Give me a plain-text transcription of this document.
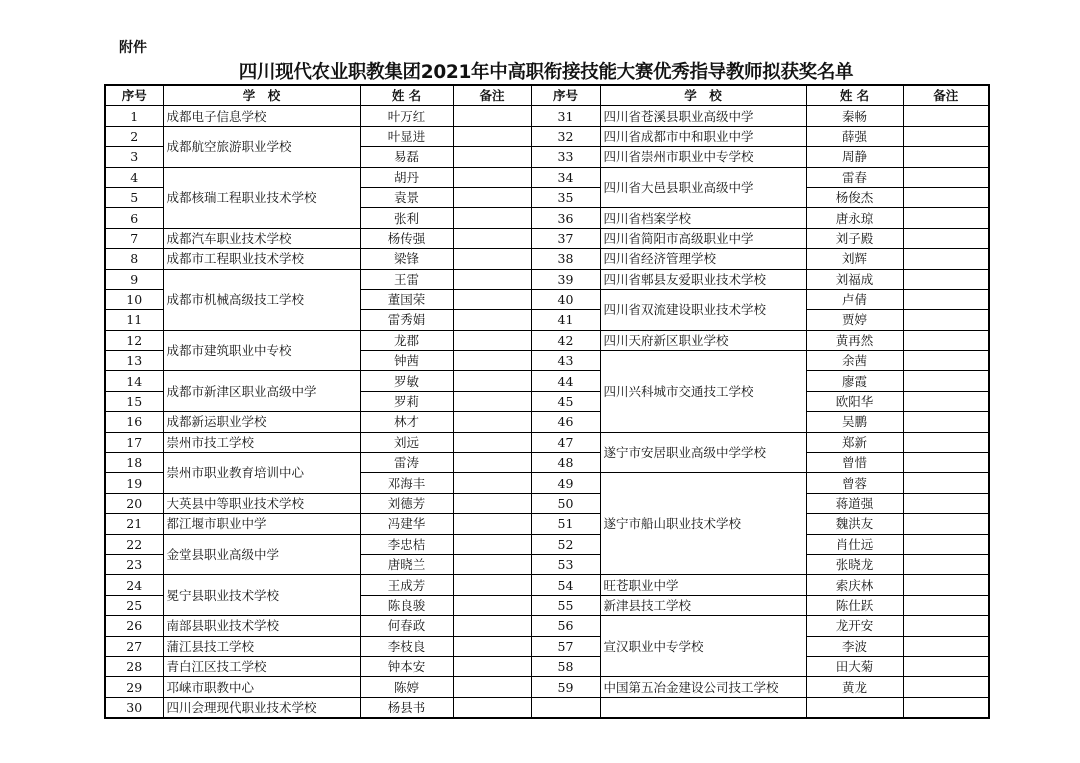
附件
四川现代农业职教集团2021年中高职衔接技能大赛优秀指导教师拟获奖名单
序号	学　校	姓 名	备注	序号	学　校	姓 名	备注
1	成都电子信息学校	叶万红		31	四川省苍溪县职业高级中学	秦畅	
2	成都航空旅游职业学校	叶显进		32	四川省成都市中和职业中学	薛强	
3		易磊		33	四川省崇州市职业中专学校	周静	
4	成都核瑞工程职业技术学校	胡丹		34	四川省大邑县职业高级中学	雷春	
5		袁景		35		杨俊杰	
6		张利		36	四川省档案学校	唐永琼	
7	成都汽车职业技术学校	杨传强		37	四川省简阳市高级职业中学	刘子殿	
8	成都市工程职业技术学校	梁锋		38	四川省经济管理学校	刘辉	
9	成都市机械高级技工学校	王雷		39	四川省郫县友爱职业技术学校	刘福成	
10		董国荣		40	四川省双流建设职业技术学校	卢倩	
11		雷秀娟		41		贾婷	
12	成都市建筑职业中专校	龙郡		42	四川天府新区职业学校	黄再然	
13		钟茜		43	四川兴科城市交通技工学校	余茜	
14	成都市新津区职业高级中学	罗敏		44		廖霞	
15		罗莉		45		欧阳华	
16	成都新运职业学校	林才		46		吴鹏	
17	崇州市技工学校	刘远		47	遂宁市安居职业高级中学学校	郑新	
18	崇州市职业教育培训中心	雷涛		48		曾惜	
19		邓海丰		49	遂宁市船山职业技术学校	曾蓉	
20	大英县中等职业技术学校	刘德芳		50		蒋道强	
21	都江堰市职业中学	冯建华		51		魏洪友	
22	金堂县职业高级中学	李忠桔		52		肖仕远	
23		唐晓兰		53		张晓龙	
24	冕宁县职业技术学校	王成芳		54	旺苍职业中学	索庆林	
25		陈良骏		55	新津县技工学校	陈仕跃	
26	南部县职业技术学校	何春政		56	宣汉职业中专学校	龙开安	
27	蒲江县技工学校	李枝良		57		李波	
28	青白江区技工学校	钟本安		58		田大菊	
29	邛崃市职教中心	陈婷		59	中国第五冶金建设公司技工学校	黄龙	
30	四川会理现代职业技术学校	杨县书					
